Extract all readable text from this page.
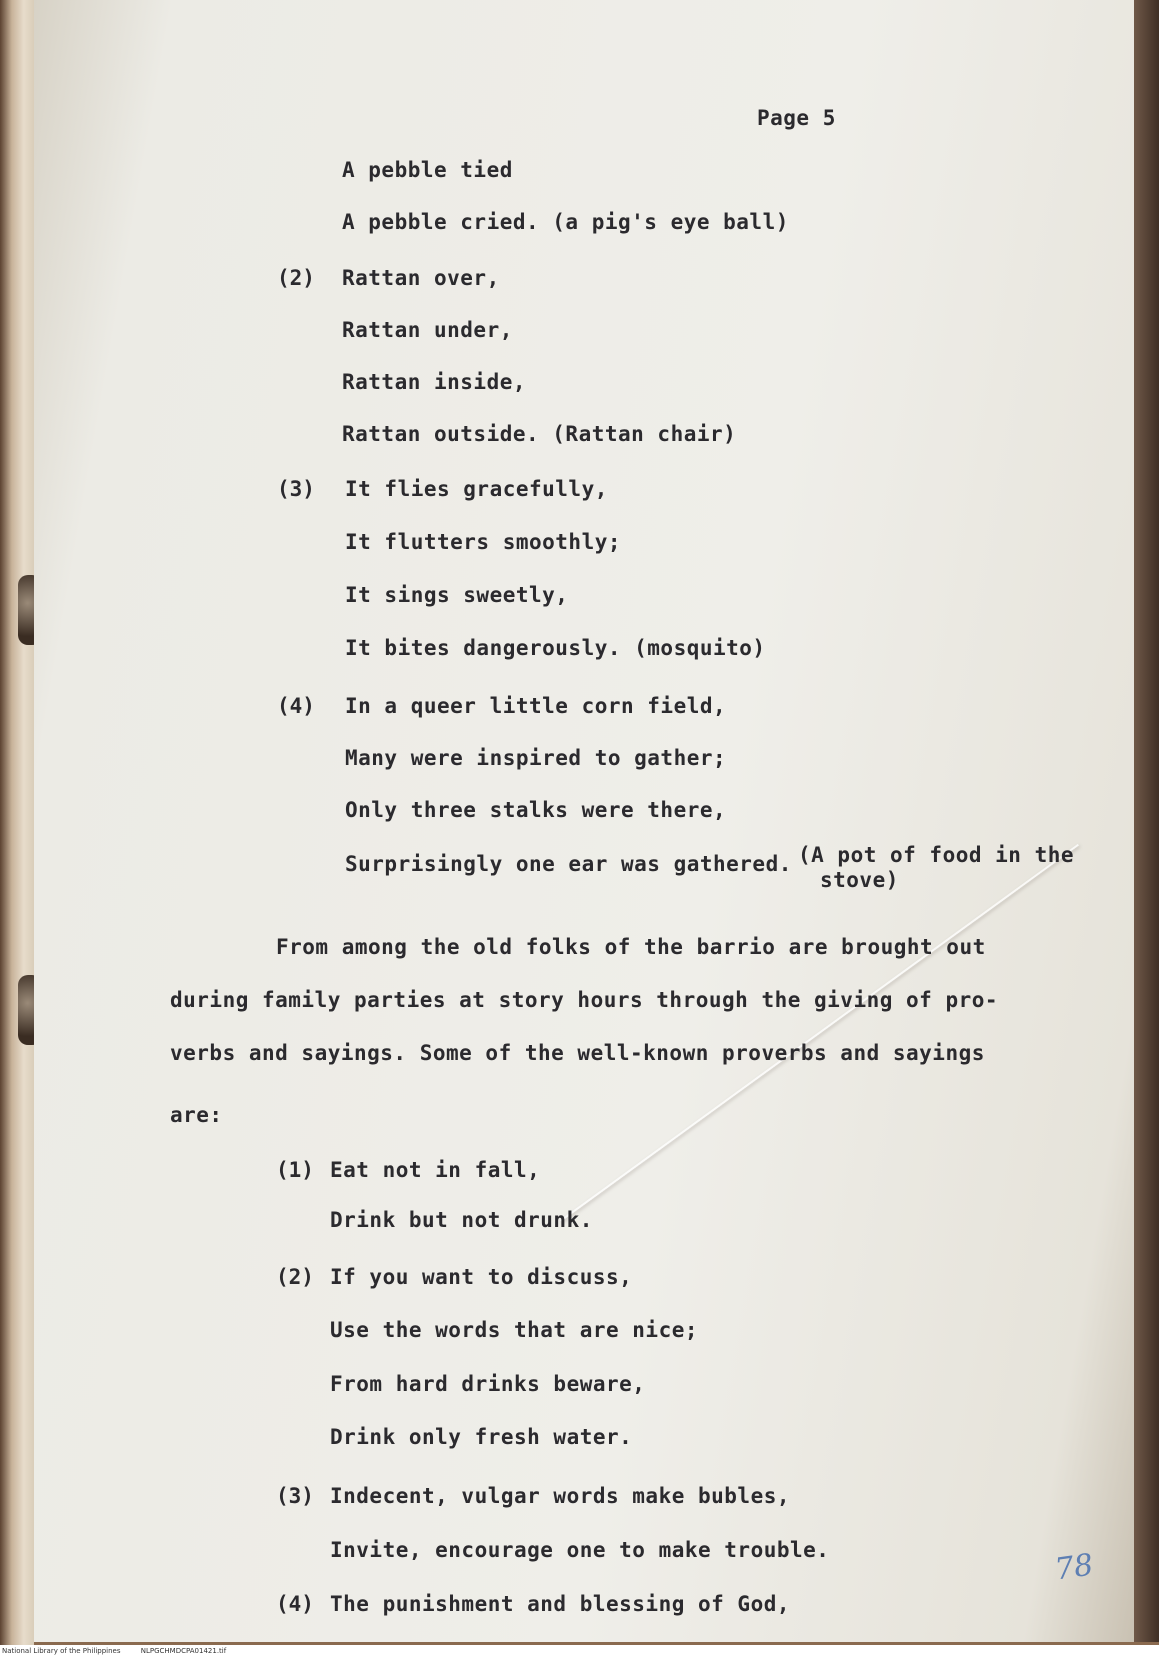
Page 5

A pebble tied

A pebble cried. (a pig's eye ball)

(2) Rattan over,

Rattan under,

Rattan inside,

Rattan outside. (Rattan chair)

(3) It flies gracefully,

It flutters smoothly;

It sings sweetly,

It bites dangerously. (mosquito)

(4) In a queer little corn field,

Many were inspired to gather;

Only three stalks were there,

Surprisingly one ear was gathered. (A pot of food in the

stove)

From among the old folks of the barrio are brought out

during family parties at story hours through the giving of pro-

verbs and sayings. Some of the well-known proverbs and sayings

are:

(1) Eat not in fall,

Drink but not drunk.

(2) If you want to discuss,

Use the words that are nice;

From hard drinks beware,

Drink only fresh water.

(3) Indecent, vulgar words make bubles,

Invite, encourage one to make trouble.

(4) The punishment and blessing of God,

78
National Library of the Philippines	NLPGCHMDCPA01421.tif
